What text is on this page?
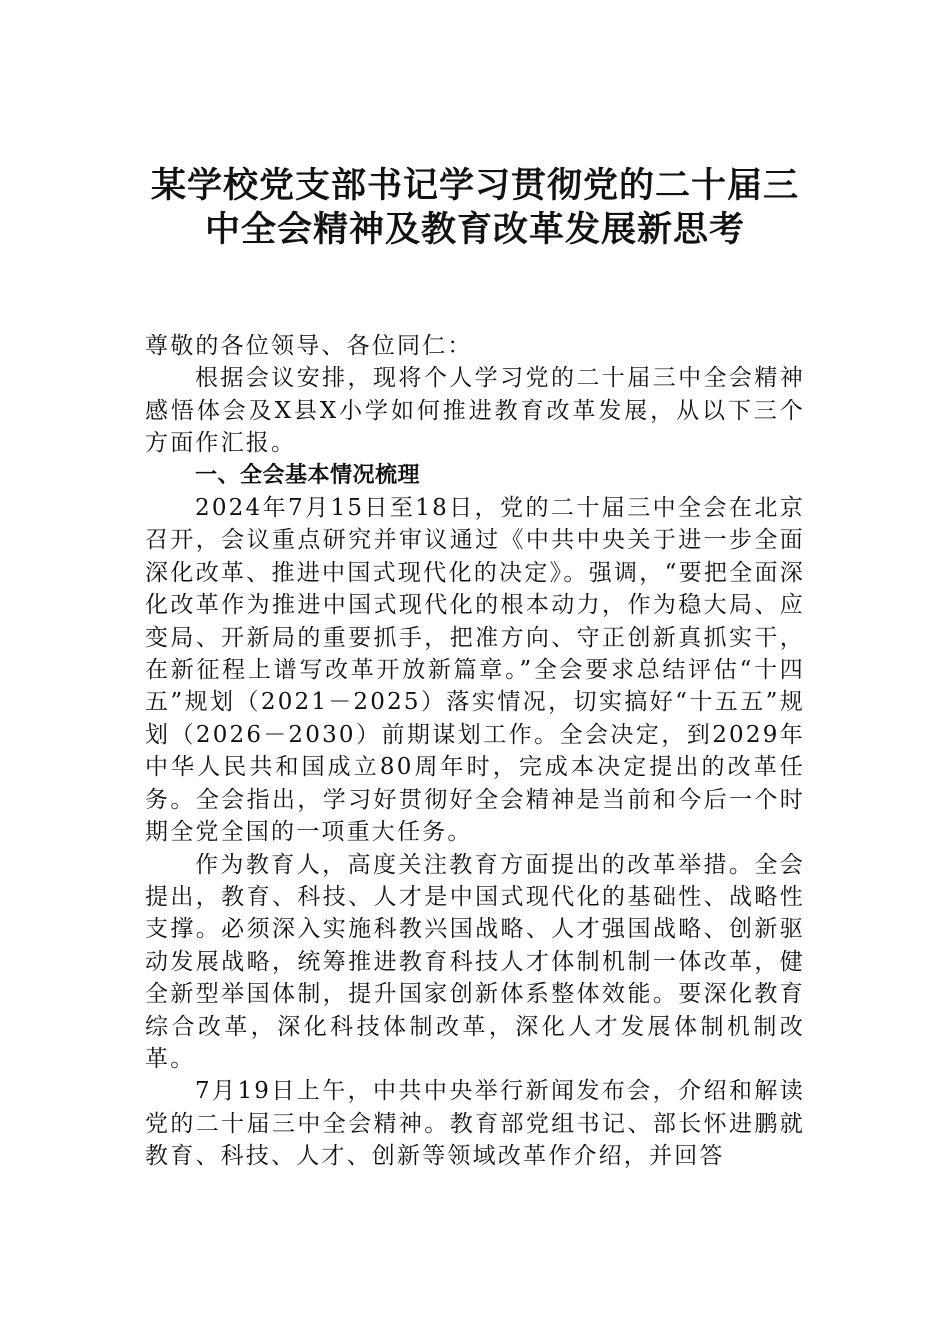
某学校党支部书记学习贯彻党的二十届三
中全会精神及教育改革发展新思考

尊敬的各位领导、各位同仁：

根据会议安排，现将个人学习党的二十届三中全会精神感悟体会及X县X小学如何推进教育改革发展，从以下三个方面作汇报。

一、全会基本情况梳理

2024年7月15日至18日，党的二十届三中全会在北京召开，会议重点研究并审议通过《中共中央关于进一步全面深化改革、推进中国式现代化的决定》。强调，“要把全面深化改革作为推进中国式现代化的根本动力，作为稳大局、应变局、开新局的重要抓手，把准方向、守正创新真抓实干，在新征程上谱写改革开放新篇章。”全会要求总结评估“十四五”规划（2021－2025）落实情况，切实搞好“十五五”规划（2026－2030）前期谋划工作。全会决定，到2029年中华人民共和国成立80周年时，完成本决定提出的改革任务。全会指出，学习好贯彻好全会精神是当前和今后一个时期全党全国的一项重大任务。

作为教育人，高度关注教育方面提出的改革举措。全会提出，教育、科技、人才是中国式现代化的基础性、战略性支撑。必须深入实施科教兴国战略、人才强国战略、创新驱动发展战略，统筹推进教育科技人才体制机制一体改革，健全新型举国体制，提升国家创新体系整体效能。要深化教育综合改革，深化科技体制改革，深化人才发展体制机制改革。

7月19日上午，中共中央举行新闻发布会，介绍和解读党的二十届三中全会精神。教育部党组书记、部长怀进鹏就教育、科技、人才、创新等领域改革作介绍，并回答
